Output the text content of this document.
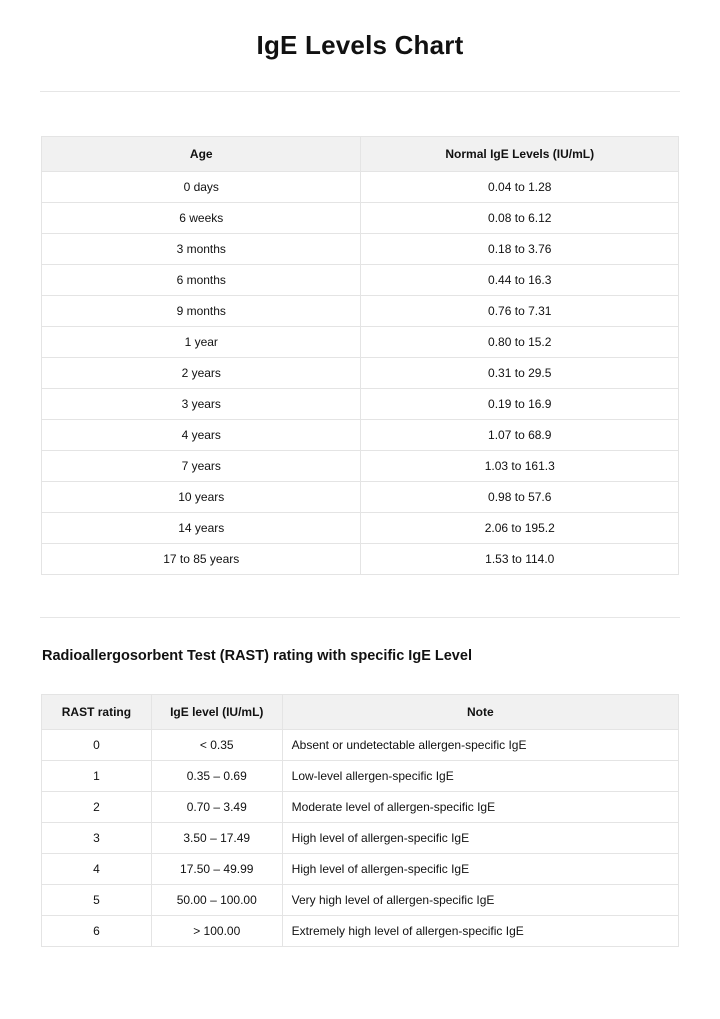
IgE Levels Chart
Age	Normal IgE Levels (IU/mL)
0 days	0.04 to 1.28
6 weeks	0.08 to 6.12
3 months	0.18 to 3.76
6 months	0.44 to 16.3
9 months	0.76 to 7.31
1 year	0.80 to 15.2
2 years	0.31 to 29.5
3 years	0.19 to 16.9
4 years	1.07 to 68.9
7 years	1.03 to 161.3
10 years	0.98 to 57.6
14 years	2.06 to 195.2
17 to 85 years	1.53 to 114.0
Radioallergosorbent Test (RAST) rating with specific IgE Level
RAST rating	IgE level (IU/mL)	Note
0	< 0.35	Absent or undetectable allergen-specific IgE
1	0.35 – 0.69	Low-level allergen-specific IgE
2	0.70 – 3.49	Moderate level of allergen-specific IgE
3	3.50 – 17.49	High level of allergen-specific IgE
4	17.50 – 49.99	High level of allergen-specific IgE
5	50.00 – 100.00	Very high level of allergen-specific IgE
6	> 100.00	Extremely high level of allergen-specific IgE
